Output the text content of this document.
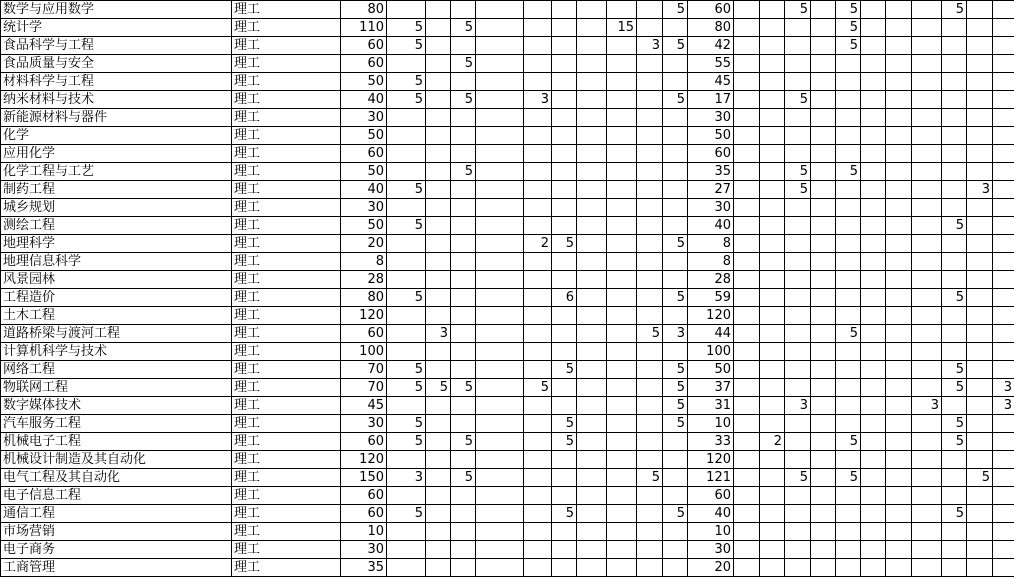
数学与应用数学	理工	80										5	60			5		5				5		
统计学	理工	110	5		5					15			80					5						
食品科学与工程	理工	60	5								3	5	42					5						
食品质量与安全	理工	60			5								55											
材料科学与工程	理工	50	5										45											
纳米材料与技术	理工	40	5		5		3					5	17			5								
新能源材料与器件	理工	30											30											
化学	理工	50											50											
应用化学	理工	60											60											
化学工程与工艺	理工	50			5								35			5		5						
制药工程	理工	40	5										27			5							3	
城乡规划	理工	30											30											
测绘工程	理工	50	5										40									5		
地理科学	理工	20					2	5				5	8											
地理信息科学	理工	8											8											
风景园林	理工	28											28											
工程造价	理工	80	5					6				5	59									5		
土木工程	理工	120											120											
道路桥梁与渡河工程	理工	60		3							5	3	44					5						
计算机科学与技术	理工	100											100											
网络工程	理工	70	5					5				5	50									5		
物联网工程	理工	70	5	5	5		5					5	37									5		3
数字媒体技术	理工	45										5	31			3					3			3
汽车服务工程	理工	30	5					5				5	10									5		
机械电子工程	理工	60	5		5			5					33		2			5				5		
机械设计制造及其自动化	理工	120											120											
电气工程及其自动化	理工	150	3		5						5		121			5		5					5	
电子信息工程	理工	60											60											
通信工程	理工	60	5					5				5	40									5		
市场营销	理工	10											10											
电子商务	理工	30											30											
工商管理	理工	35											20											
